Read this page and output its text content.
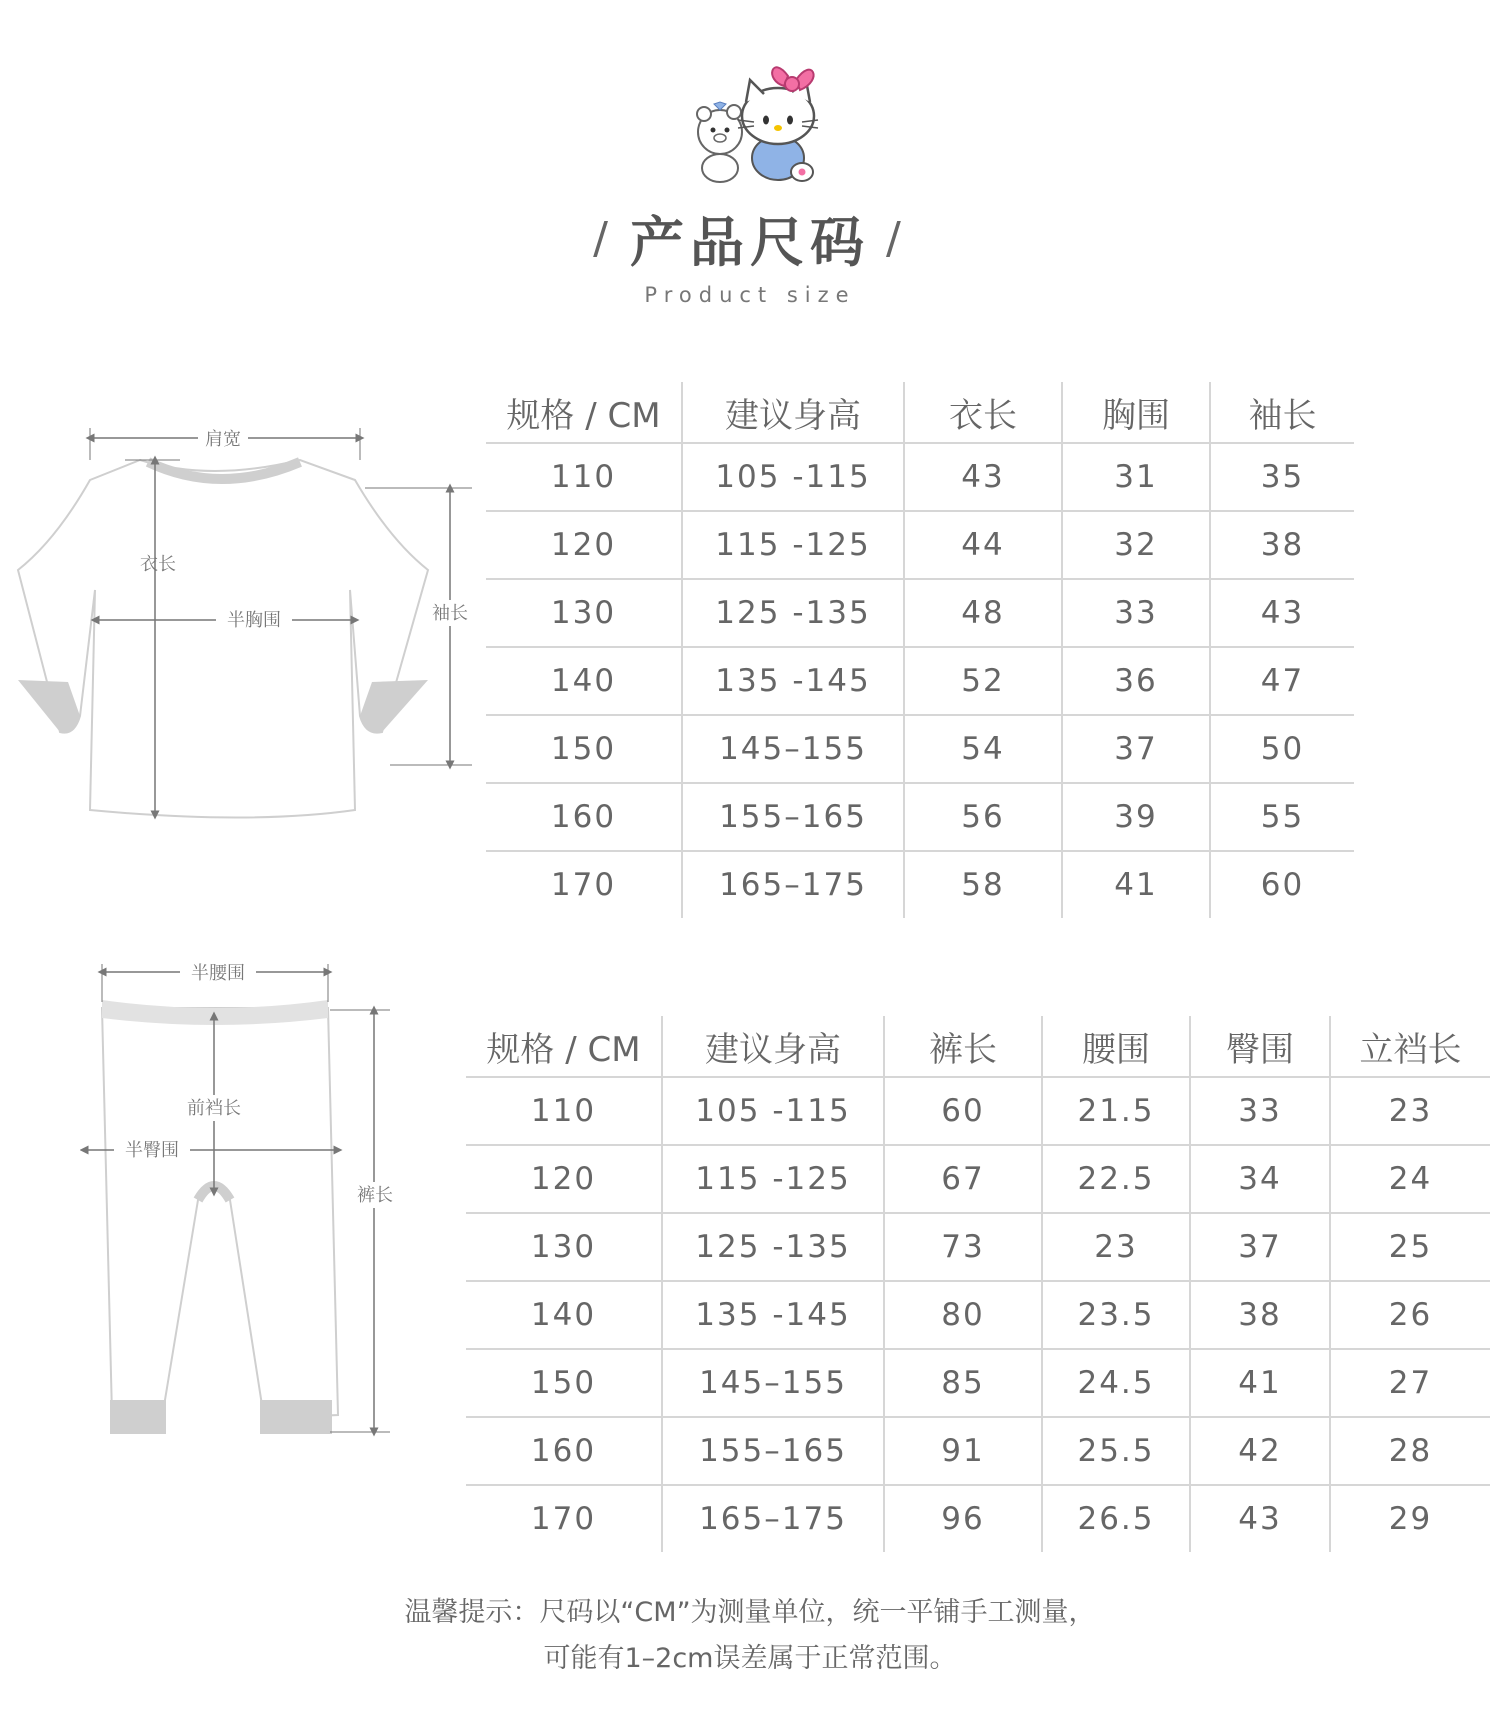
/ 产品尺码 /
Product size
肩宽
衣长
半胸围	袖长
规格 / CM	建议身高	衣长	胸围	袖长
110	105 -115	43	31	35
120	115 -125	44	32	38
130	125 -135	48	33	43
140	135 -145	52	36	47
150	145–155	54	37	50
160	155–165	56	39	55
170	165–175	58	41	60
半腰围
前裆长
半臀围
裤长
规格 / CM	建议身高	裤长	腰围	臀围	立裆长
110	105 -115	60	21.5	33	23
120	115 -125	67	22.5	34	24
130	125 -135	73	23	37	25
140	135 -145	80	23.5	38	26
150	145–155	85	24.5	41	27
160	155–165	91	25.5	42	28
170	165–175	96	26.5	43	29
温馨提示：尺码以“CM”为测量单位，统一平铺手工测量，
可能有1–2cm误差属于正常范围。
